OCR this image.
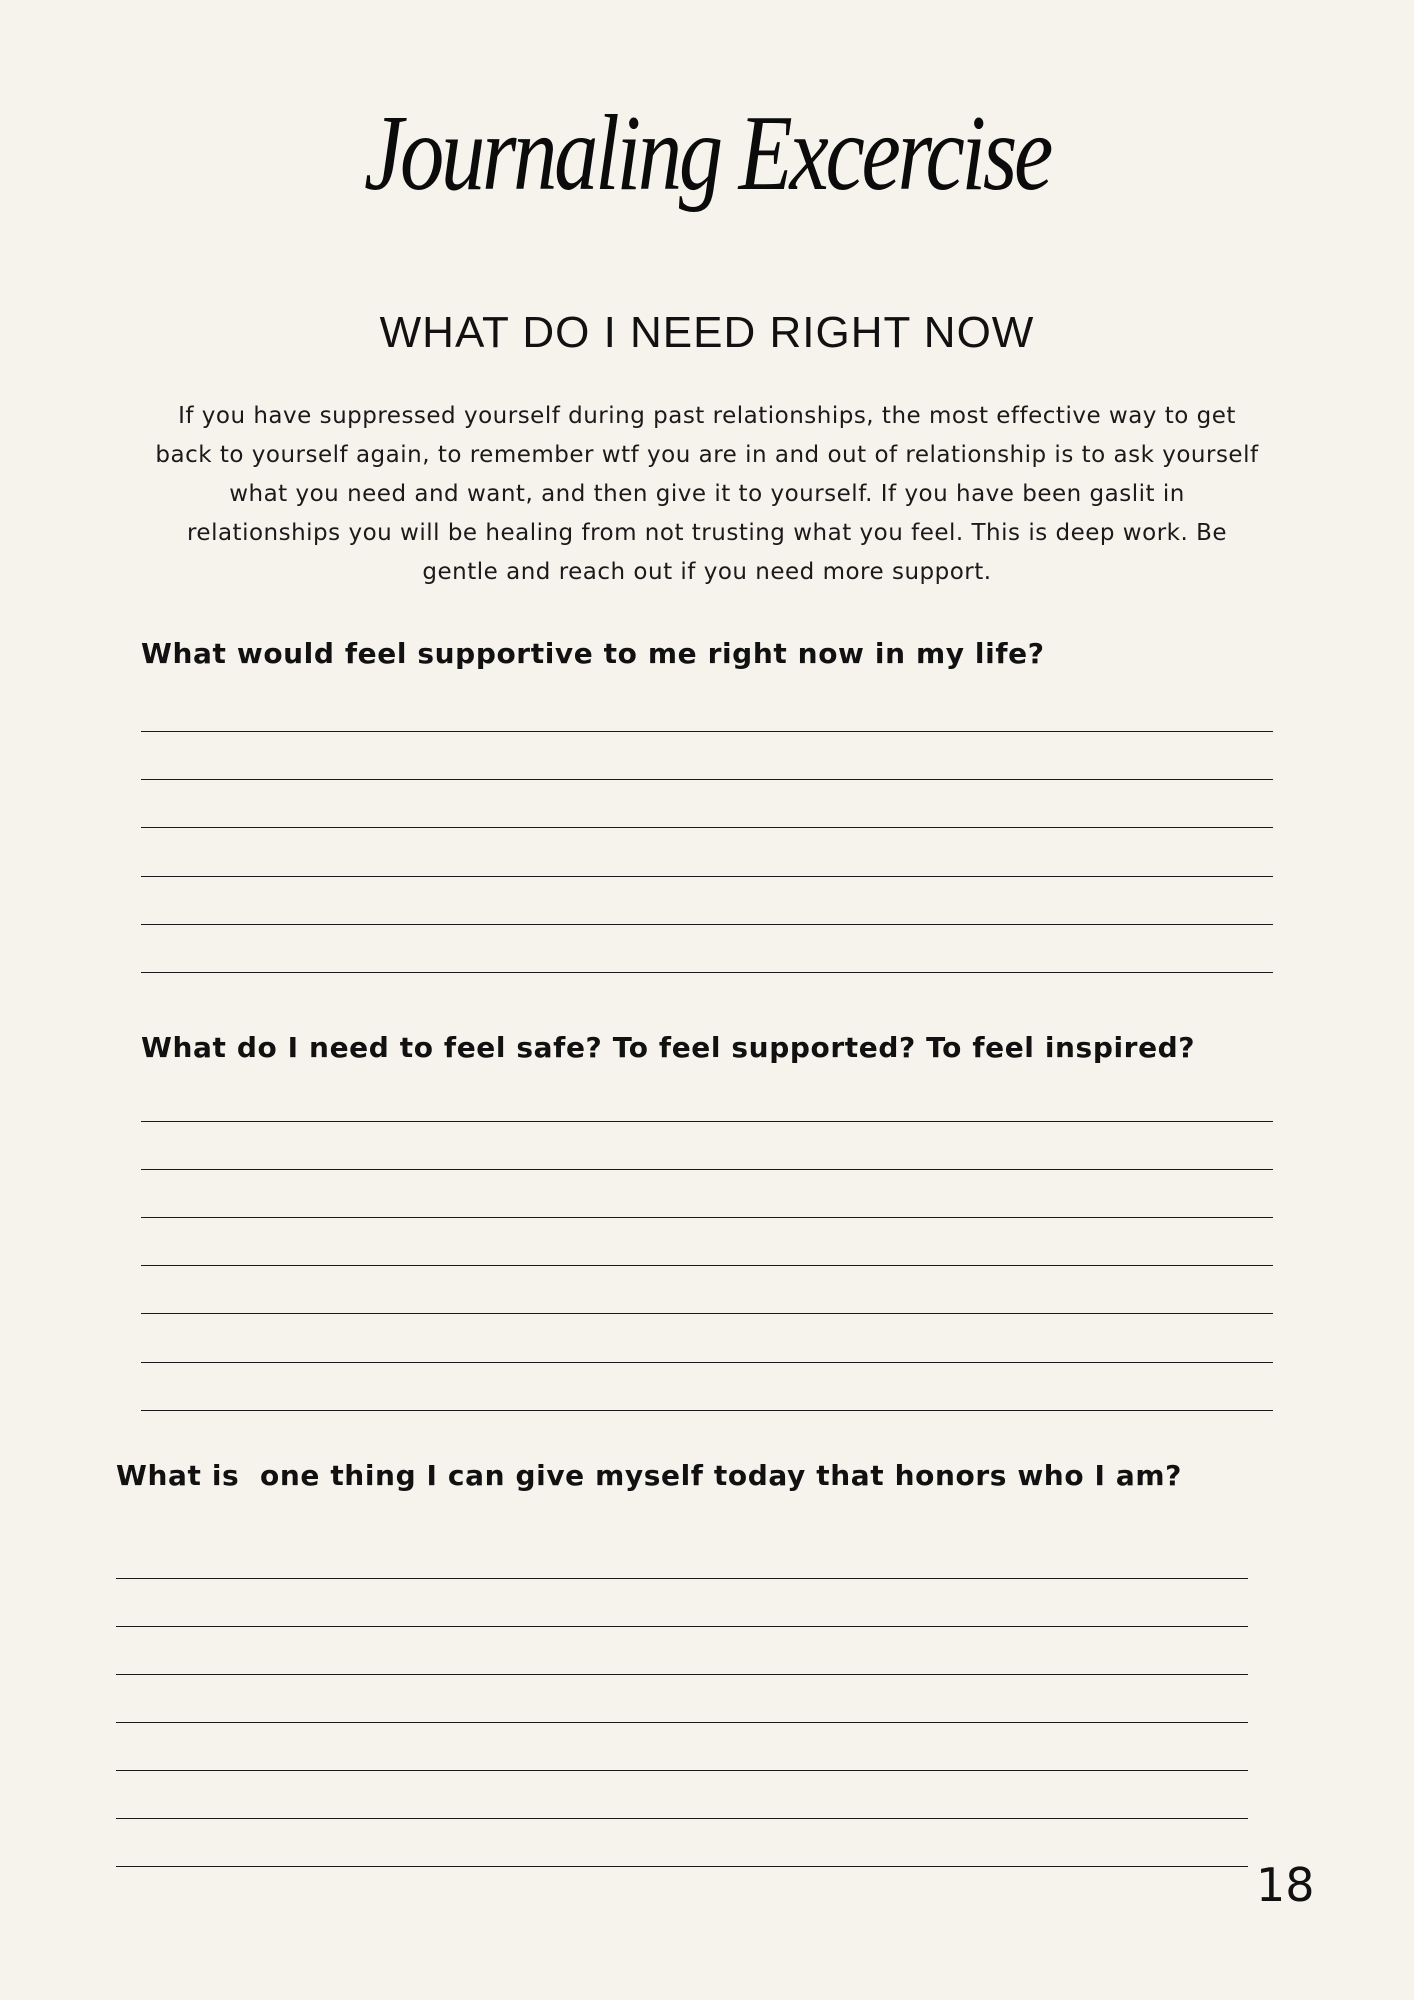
Journaling Excercise
WHAT DO I NEED RIGHT NOW
If you have suppressed yourself during past relationships, the most effective way to get back to yourself again, to remember wtf you are in and out of relationship is to ask yourself what you need and want, and then give it to yourself. If you have been gaslit in relationships you will be healing from not trusting what you feel. This is deep work. Be gentle and reach out if you need more support.
What would feel supportive to me right now in my life?
What do I need to feel safe? To feel supported? To feel inspired?
What is  one thing I can give myself today that honors who I am?
18
